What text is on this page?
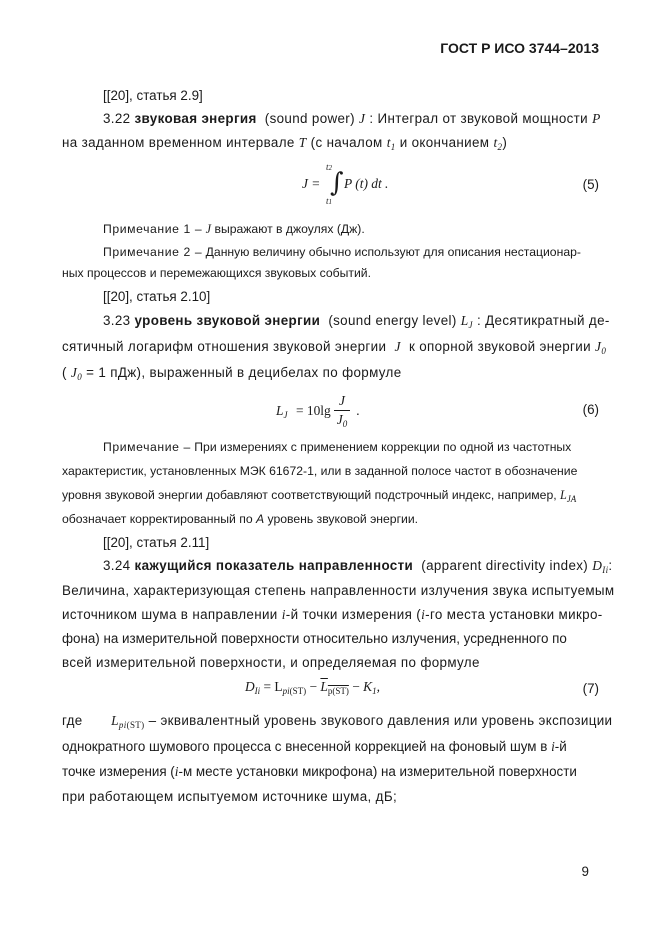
ГОСТ Р ИСО 3744–2013
[[20], статья 2.9]
3.22 звуковая энергия (sound power) J : Интеграл от звуковой мощности P
на заданном временном интервале T (с началом $t_1$ и окончанием $t_2$)
J =
t2
∫
t1
P (t) dt .	(5)
Примечание 1 – J выражают в джоулях (Дж).
Примечание 2 – Данную величину обычно используют для описания нестационар-
ных процессов и перемежающихся звуковых событий.
[[20], статья 2.10]
3.23 уровень звуковой энергии (sound energy level) $L_J$ : Десятикратный де-
сятичный логарифм отношения звуковой энергии J к опорной звуковой энергии $J_0$
( $J_0 = 1$ пДж), выраженный в децибелах по формуле
$L_J = 10\lg$
J
$J_0$
.	(6)
Примечание – При измерениях с применением коррекции по одной из частотных
характеристик, установленных МЭК 61672-1, или в заданной полосе частот в обозначение
уровня звуковой энергии добавляют соответствующий подстрочный индекс, например, $L_{JA}$
обозначает корректированный по A уровень звуковой энергии.
[[20], статья 2.11]
3.24 кажущийся показатель направленности (apparent directivity index) $D_{Ii}$:
Величина, характеризующая степень направленности излучения звука испытуемым
источником шума в направлении i-й точки измерения (i-го места установки микро-
фона) на измерительной поверхности относительно излучения, усредненного по
всей измерительной поверхности, и определяемая по формуле
$D_{Ii} = L_{pi(ST)} - L_{p(ST)} - K_1$,	(7)
где $L_{pi(ST)}$ – эквивалентный уровень звукового давления или уровень экспозиции
однократного шумового процесса с внесенной коррекцией на фоновый шум в i-й
точке измерения (i-м месте установки микрофона) на измерительной поверхности
при работающем испытуемом источнике шума, дБ;
9
